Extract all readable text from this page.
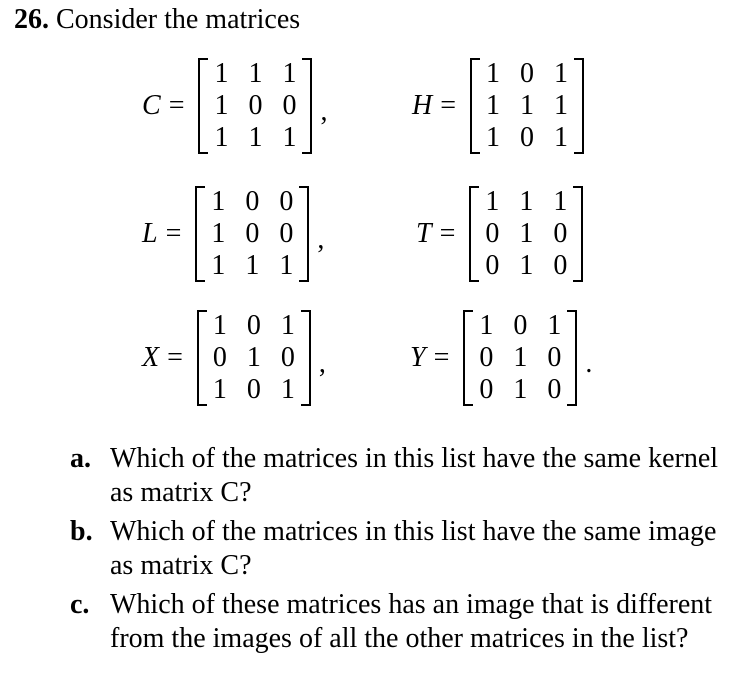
26. Consider the matrices
C =
1 1 1
1 0 0
1 1 1
,	H =
1 0 1
1 1 1
1 0 1
L =
1 0 0
1 0 0
1 1 1
,	T =
1 1 1
0 1 0
0 1 0
X =
1 0 1
0 1 0
1 0 1
,	Y =
1 0 1
0 1 0
0 1 0
.
a. Which of the matrices in this list have the same kernel as matrix C?
b. Which of the matrices in this list have the same image as matrix C?
c. Which of these matrices has an image that is different from the images of all the other matrices in the list?
